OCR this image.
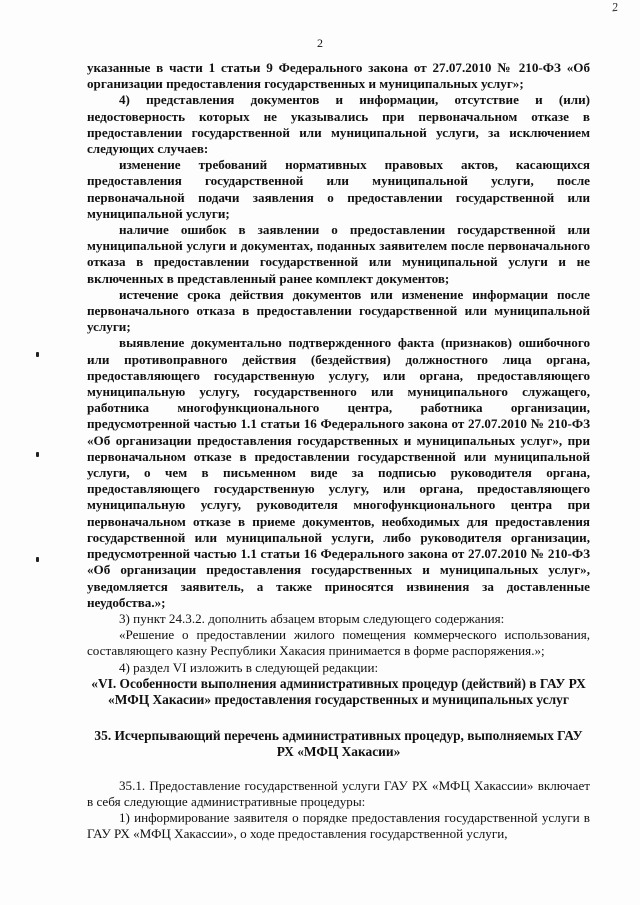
2
2

указанные в части 1 статьи 9 Федерального закона от 27.07.2010 № 210-ФЗ «Об организации предоставления государственных и муниципальных услуг»;

4) представления документов и информации, отсутствие и (или) недостоверность которых не указывались при первоначальном отказе в предоставлении государственной или муниципальной услуги, за исключением следующих случаев:

изменение требований нормативных правовых актов, касающихся предоставления государственной или муниципальной услуги, после первоначальной подачи заявления о предоставлении государственной или муниципальной услуги;

наличие ошибок в заявлении о предоставлении государственной или муниципальной услуги и документах, поданных заявителем после первоначального отказа в предоставлении государственной или муниципальной услуги и не включенных в представленный ранее комплект документов;

истечение срока действия документов или изменение информации после первоначального отказа в предоставлении государственной или муниципальной услуги;

выявление документально подтвержденного факта (признаков) ошибочного или противоправного действия (бездействия) должностного лица органа, предоставляющего государственную услугу, или органа, предоставляющего муниципальную услугу, государственного или муниципального служащего, работника многофункционального центра, работника организации, предусмотренной частью 1.1 статьи 16 Федерального закона от 27.07.2010 № 210-ФЗ «Об организации предоставления государственных и муниципальных услуг», при первоначальном отказе в предоставлении государственной или муниципальной услуги, о чем в письменном виде за подписью руководителя органа, предоставляющего государственную услугу, или органа, предоставляющего муниципальную услугу, руководителя многофункционального центра при первоначальном отказе в приеме документов, необходимых для предоставления государственной или муниципальной услуги, либо руководителя организации, предусмотренной частью 1.1 статьи 16 Федерального закона от 27.07.2010 № 210-ФЗ «Об организации предоставления государственных и муниципальных услуг», уведомляется заявитель, а также приносятся извинения за доставленные неудобства.»;

3) пункт 24.3.2. дополнить абзацем вторым следующего содержания:

«Решение о предоставлении жилого помещения коммерческого использования, составляющего казну Республики Хакасия принимается в форме распоряжения.»;

4) раздел VI изложить в следующей редакции:

«VI. Особенности выполнения административных процедур (действий) в ГАУ РХ «МФЦ Хакасии» предоставления государственных и муниципальных услуг

35. Исчерпывающий перечень административных процедур, выполняемых ГАУ РХ «МФЦ Хакасии»

35.1. Предоставление государственной услуги ГАУ РХ «МФЦ Хакассии» включает в себя следующие административные процедуры:

1) информирование заявителя о порядке предоставления государственной услуги в ГАУ РХ «МФЦ Хакассии», о ходе предоставления государственной услуги,
